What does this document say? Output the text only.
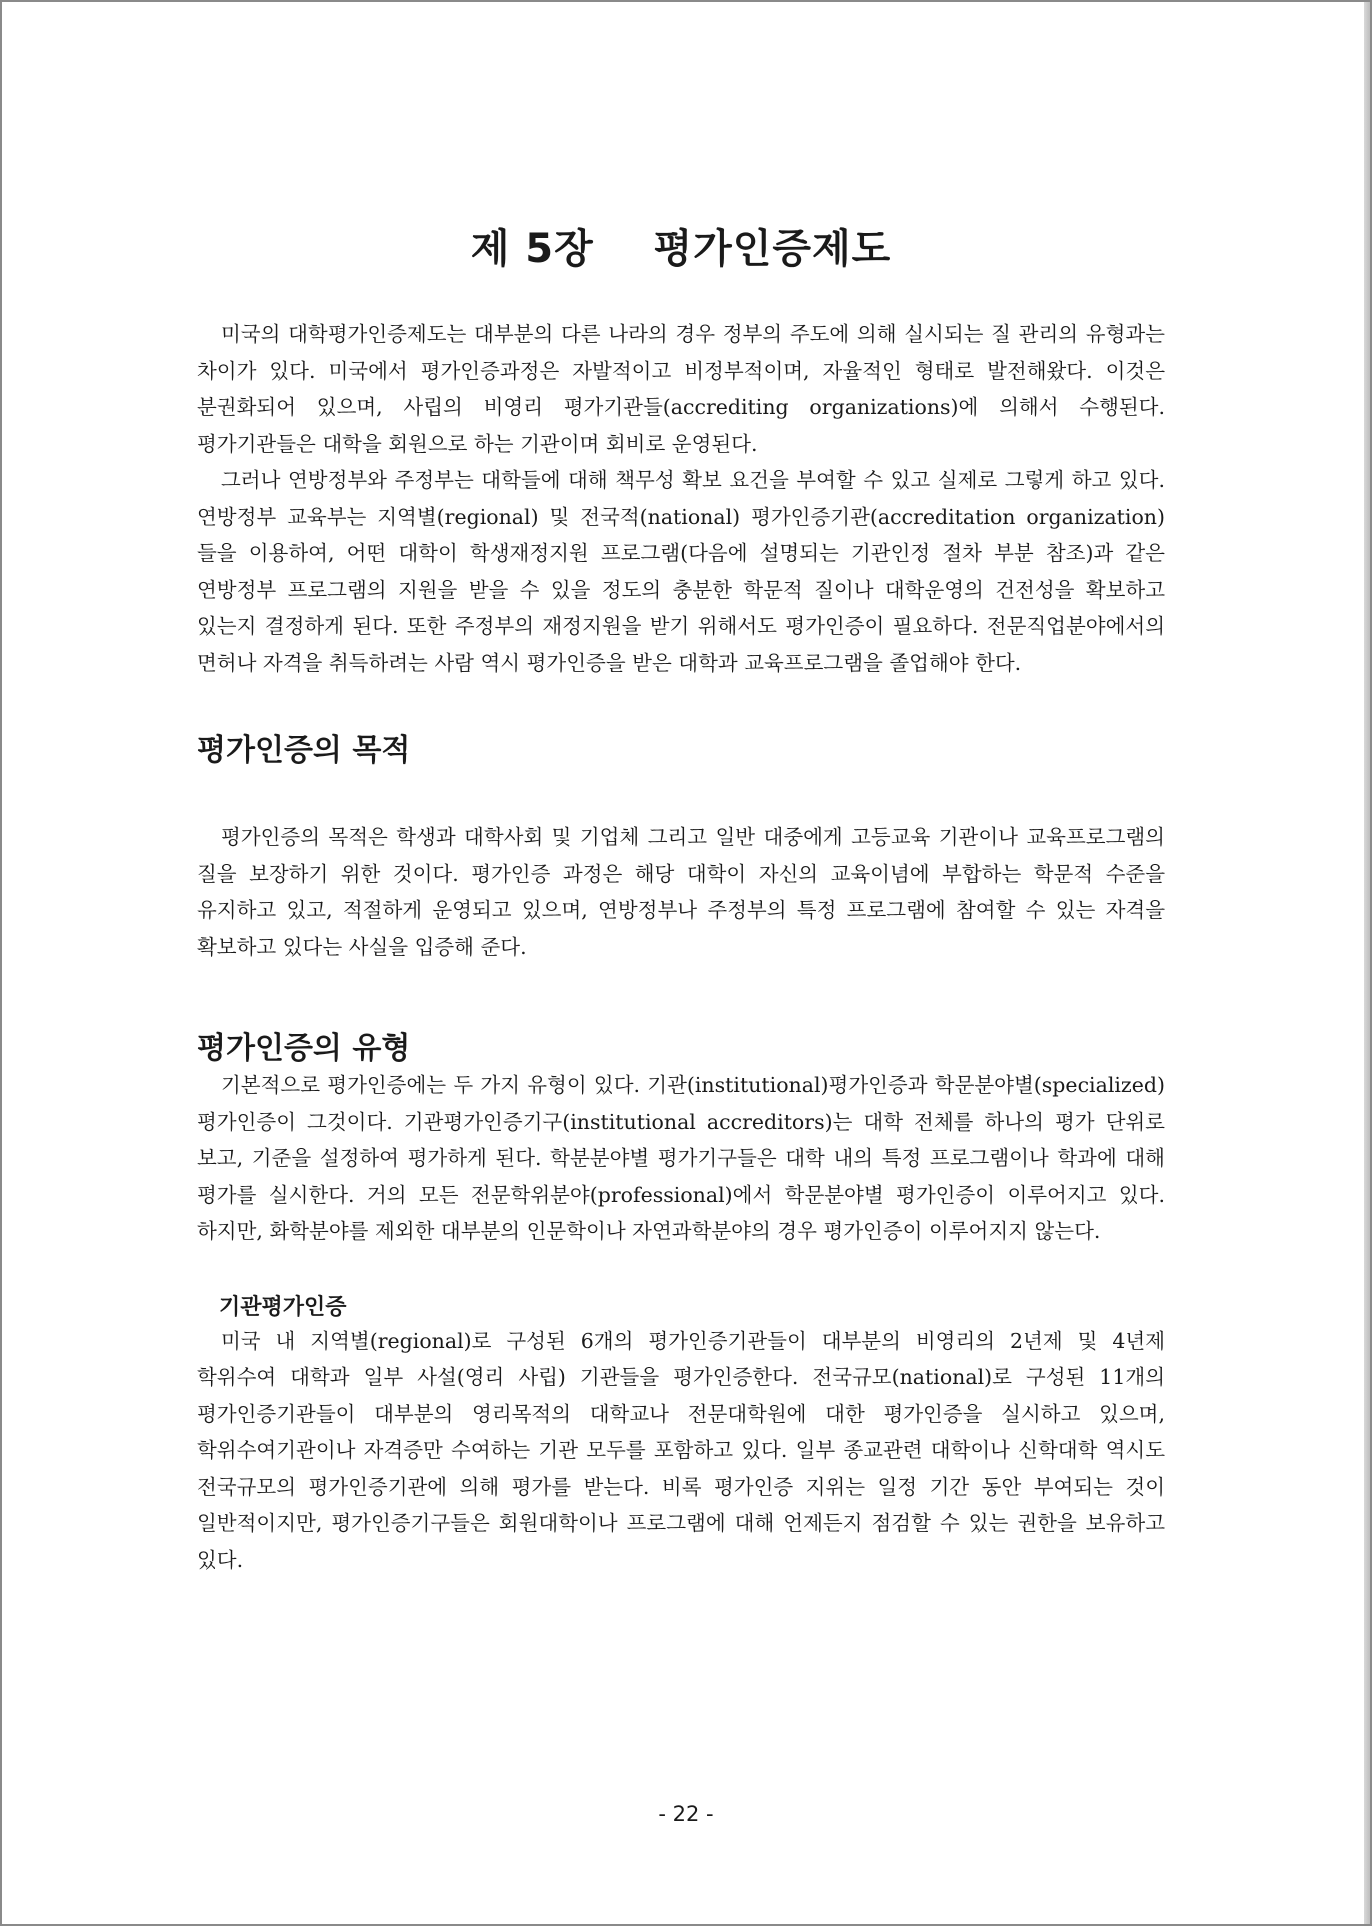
제 5장    평가인증제도

미국의 대학평가인증제도는 대부분의 다른 나라의 경우 정부의 주도에 의해 실시되는 질 관리의 유형과는 차이가 있다. 미국에서 평가인증과정은 자발적이고 비정부적이며, 자율적인 형태로 발전해왔다. 이것은 분권화되어 있으며, 사립의 비영리 평가기관들(accrediting organizations)에 의해서 수행된다. 평가기관들은 대학을 회원으로 하는 기관이며 회비로 운영된다.

그러나 연방정부와 주정부는 대학들에 대해 책무성 확보 요건을 부여할 수 있고 실제로 그렇게 하고 있다. 연방정부 교육부는 지역별(regional) 및 전국적(national) 평가인증기관(accreditation organization)들을 이용하여, 어떤 대학이 학생재정지원 프로그램(다음에 설명되는 기관인정 절차 부분 참조)과 같은 연방정부 프로그램의 지원을 받을 수 있을 정도의 충분한 학문적 질이나 대학운영의 건전성을 확보하고 있는지 결정하게 된다. 또한 주정부의 재정지원을 받기 위해서도 평가인증이 필요하다. 전문직업분야에서의 면허나 자격을 취득하려는 사람 역시 평가인증을 받은 대학과 교육프로그램을 졸업해야 한다.

평가인증의 목적

평가인증의 목적은 학생과 대학사회 및 기업체 그리고 일반 대중에게 고등교육 기관이나 교육프로그램의 질을 보장하기 위한 것이다. 평가인증 과정은 해당 대학이 자신의 교육이념에 부합하는 학문적 수준을 유지하고 있고, 적절하게 운영되고 있으며, 연방정부나 주정부의 특정 프로그램에 참여할 수 있는 자격을 확보하고 있다는 사실을 입증해 준다.

평가인증의 유형

기본적으로 평가인증에는 두 가지 유형이 있다. 기관(institutional)평가인증과 학문분야별(specialized) 평가인증이 그것이다. 기관평가인증기구(institutional accreditors)는 대학 전체를 하나의 평가 단위로 보고, 기준을 설정하여 평가하게 된다. 학분분야별 평가기구들은 대학 내의 특정 프로그램이나 학과에 대해 평가를 실시한다. 거의 모든 전문학위분야(professional)에서 학문분야별 평가인증이 이루어지고 있다. 하지만, 화학분야를 제외한 대부분의 인문학이나 자연과학분야의 경우 평가인증이 이루어지지 않는다.

기관평가인증

미국 내 지역별(regional)로 구성된 6개의 평가인증기관들이 대부분의 비영리의 2년제 및 4년제 학위수여 대학과 일부 사설(영리 사립) 기관들을 평가인증한다. 전국규모(national)로 구성된 11개의 평가인증기관들이 대부분의 영리목적의 대학교나 전문대학원에 대한 평가인증을 실시하고 있으며, 학위수여기관이나 자격증만 수여하는 기관 모두를 포함하고 있다. 일부 종교관련 대학이나 신학대학 역시도 전국규모의 평가인증기관에 의해 평가를 받는다. 비록 평가인증 지위는 일정 기간 동안 부여되는 것이 일반적이지만, 평가인증기구들은 회원대학이나 프로그램에 대해 언제든지 점검할 수 있는 권한을 보유하고 있다.

- 22 -
